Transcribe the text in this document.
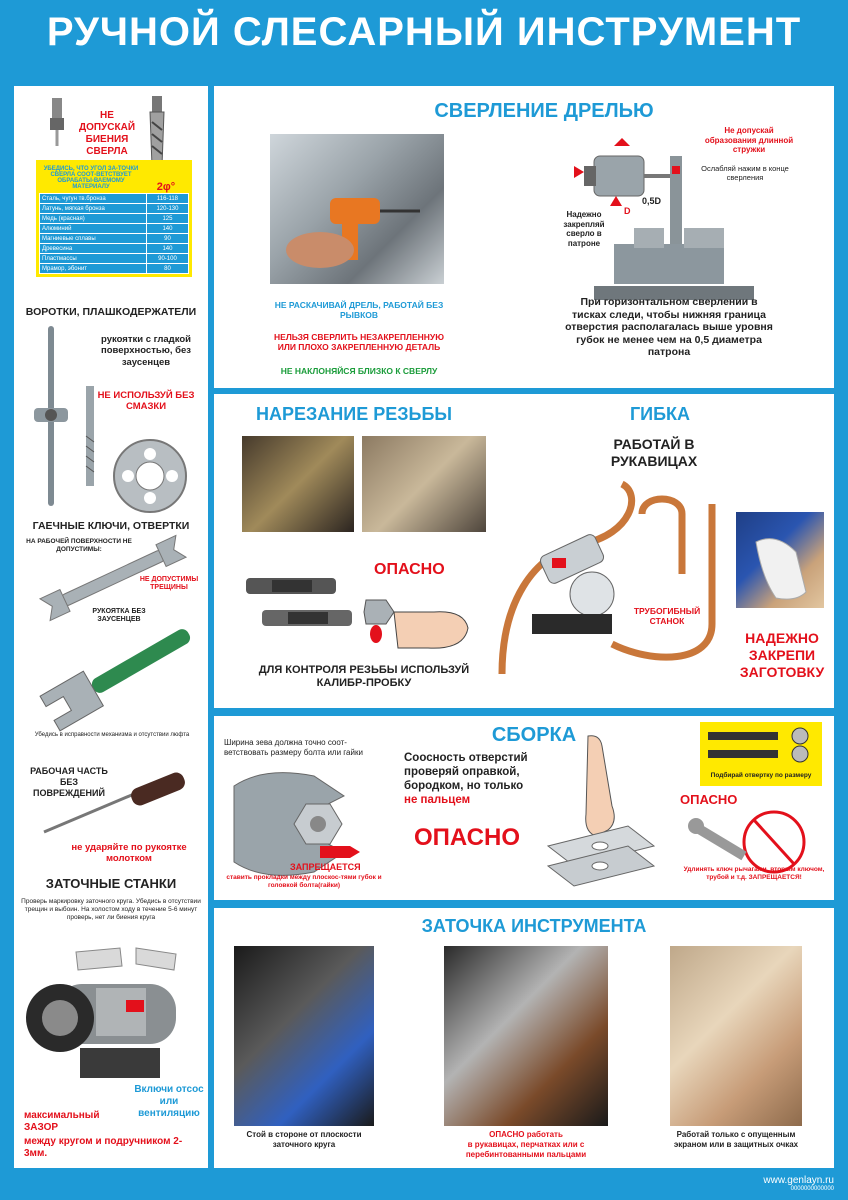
РУЧНОЙ СЛЕСАРНЫЙ ИНСТРУМЕНТ
НЕ ДОПУСКАЙ БИЕНИЯ СВЕРЛА
УБЕДИСЬ, ЧТО УГОЛ ЗА-ТОЧКИ СВЕРЛА СООТ-ВЕТСТВУЕТ ОБРАБАТЫ-ВАЕМОМУ МАТЕРИАЛУ	2φ°
Сталь, чугун тв.бронза	116-118
Латунь, мягкая бронза	120-130
Медь (красная)	125
Алюминий	140
Магниевые сплавы	90
Древесина	140
Пластмассы	90-100
Мрамор, эбонит	80
ВОРОТКИ, ПЛАШКОДЕРЖАТЕЛИ
рукоятки с гладкой поверхностью, без заусенцев
НЕ ИСПОЛЬЗУЙ БЕЗ СМАЗКИ
ГАЕЧНЫЕ КЛЮЧИ, ОТВЕРТКИ
НА РАБОЧЕЙ ПОВЕРХНОСТИ НЕ ДОПУСТИМЫ:
НЕ ДОПУСТИМЫ ТРЕЩИНЫ
РУКОЯТКА БЕЗ ЗАУСЕНЦЕВ
Убедись в исправности механизма и отсутствии люфта
РАБОЧАЯ ЧАСТЬ БЕЗ ПОВРЕЖДЕНИЙ
не ударяйте по рукоятке молотком
ЗАТОЧНЫЕ СТАНКИ
Проверь маркировку заточного круга. Убедись в отсутствии трещин и выбоин. На холостом ходу в течение 5-6 минут проверь, нет ли биения круга
Включи отсос или вентиляцию
максимальный ЗАЗОР
между кругом и подручником 2-3мм.
СВЕРЛЕНИЕ ДРЕЛЬЮ
НЕ РАСКАЧИВАЙ ДРЕЛЬ, РАБОТАЙ БЕЗ РЫВКОВ
НЕЛЬЗЯ СВЕРЛИТЬ НЕЗАКРЕПЛЕННУЮ ИЛИ ПЛОХО ЗАКРЕПЛЕННУЮ ДЕТАЛЬ
НЕ НАКЛОНЯЙСЯ БЛИЗКО К СВЕРЛУ
Не допускай образования длинной стружки
Ослабляй нажим в конце сверления
Надежно закрепляй сверло в патроне
D
0,5D
При горизонтальном сверлении в тисках следи, чтобы нижняя граница отверстия располагалась выше уровня губок не менее чем на 0,5 диаметра патрона
НАРЕЗАНИЕ РЕЗЬБЫ
ОПАСНО
ДЛЯ КОНТРОЛЯ РЕЗЬБЫ ИСПОЛЬЗУЙ КАЛИБР-ПРОБКУ
ГИБКА
РАБОТАЙ В РУКАВИЦАХ
ТРУБОГИБНЫЙ СТАНОК
НАДЕЖНО ЗАКРЕПИ ЗАГОТОВКУ
Ширина зева должна точно соот-ветствовать размеру болта или гайки
ЗАПРЕЩАЕТСЯ
ставить прокладки между плоскос-тями губок и головкой болта(гайки)
СБОРКА
Соосность отверстий проверяй оправкой, бородком, но только
не пальцем
ОПАСНО
Подбирай отвертку по размеру
ОПАСНО
Удлинять ключ рычагами, вторым ключом, трубой и т.д. ЗАПРЕЩАЕТСЯ!
ЗАТОЧКА ИНСТРУМЕНТА
Стой в стороне от плоскости заточного круга
ОПАСНО работать
в рукавицах, перчатках или с перебинтованными пальцами
Работай только с опущенным экраном или в защитных очках
www.genlayn.ru
0000000000000
